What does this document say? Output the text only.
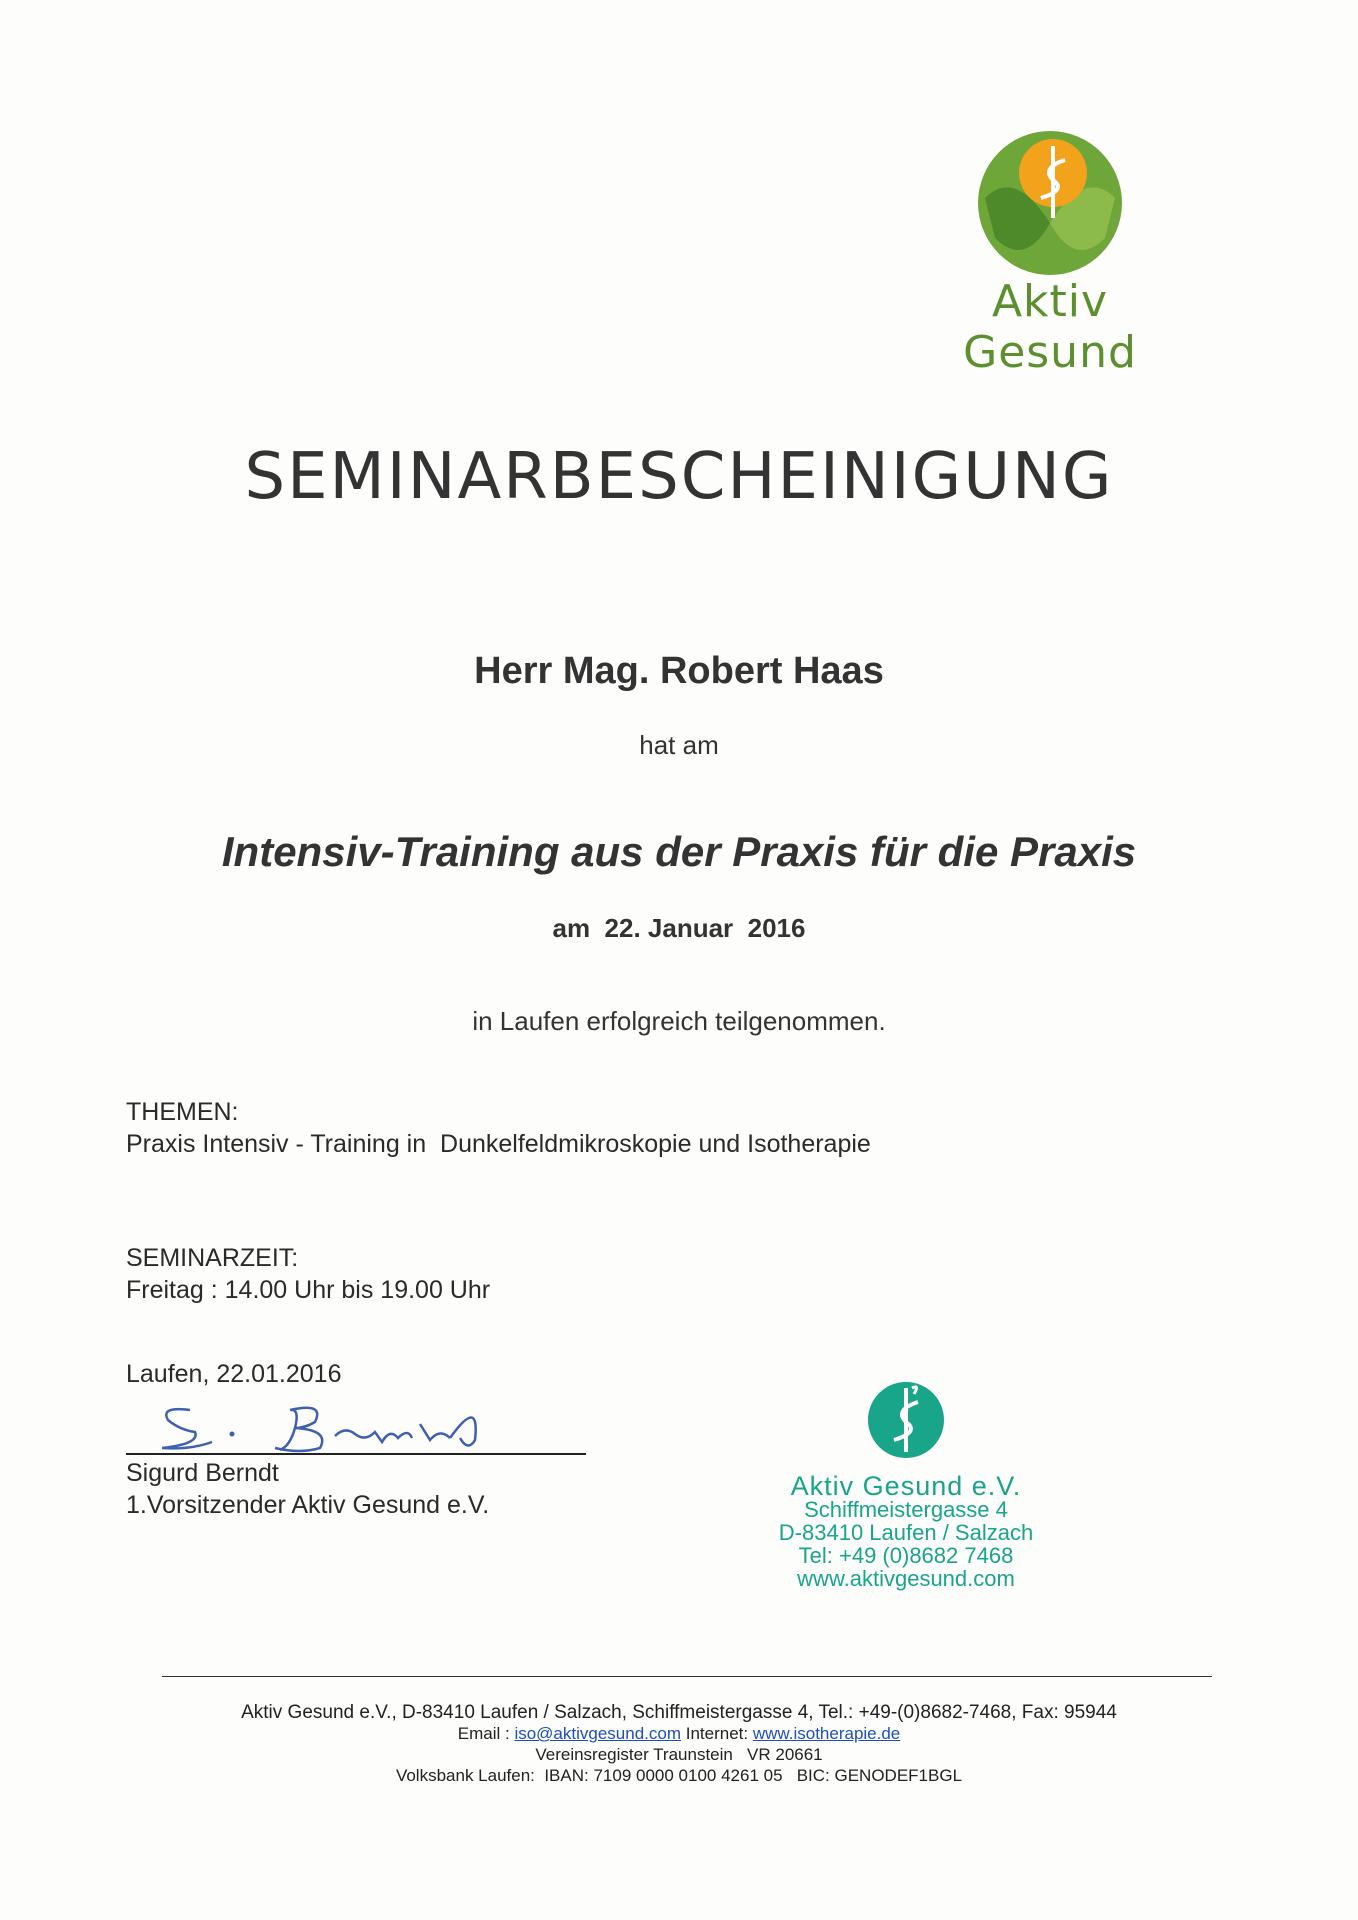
Aktiv Gesund
SEMINARBESCHEINIGUNG
Herr Mag. Robert Haas
hat am
Intensiv-Training aus der Praxis für die Praxis
am  22. Januar  2016
in Laufen erfolgreich teilgenommen.
THEMEN:
Praxis Intensiv - Training in  Dunkelfeldmikroskopie und Isotherapie
SEMINARZEIT:
Freitag : 14.00 Uhr bis 19.00 Uhr
Laufen, 22.01.2016
Sigurd Berndt
1.Vorsitzender Aktiv Gesund e.V.
Aktiv Gesund e.V.
Schiffmeistergasse 4
D-83410 Laufen / Salzach
Tel: +49 (0)8682 7468
www.aktivgesund.com
Aktiv Gesund e.V., D-83410 Laufen / Salzach, Schiffmeistergasse 4, Tel.: +49-(0)8682-7468, Fax: 95944
Email : iso@aktivgesund.com Internet: www.isotherapie.de
Vereinsregister Traunstein   VR 20661
Volksbank Laufen:  IBAN: 7109 0000 0100 4261 05   BIC: GENODEF1BGL
